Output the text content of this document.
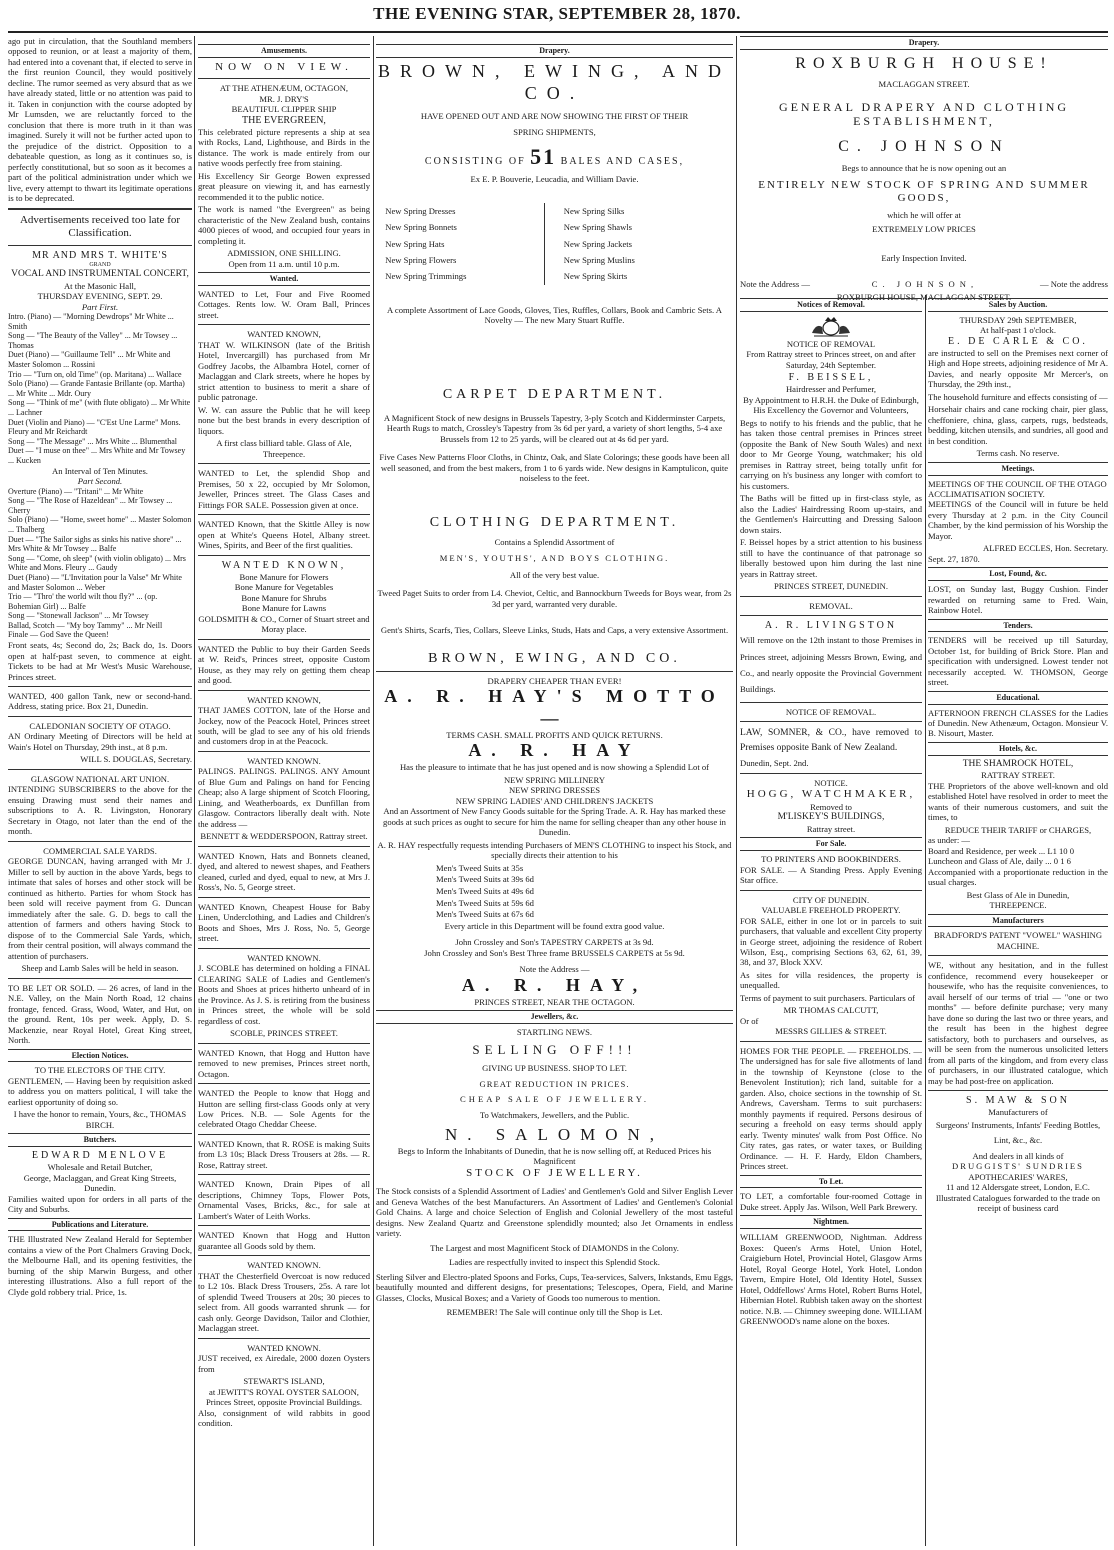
THE EVENING STAR, SEPTEMBER 28, 1870.

ago put in circulation, that the Southland members opposed to reunion, or at least a majority of them, had entered into a covenant that, if elected to serve in the first reunion Council, they would positively decline. The rumor seemed as very absurd that as we have already stated, little or no attention was paid to it. Taken in conjunction with the course adopted by Mr Lumsden, we are reluctantly forced to the conclusion that there is more truth in it than was imagined. Surely it will not be further acted upon to the prejudice of the district. Opposition to a debateable question, as long as it continues so, is perfectly constitutional, but so soon as it becomes a part of the political administration under which we live, every attempt to thwart its legitimate operations is to be deprecated.

Advertisements received too late for Classification.
MR AND MRS T. WHITE'S
GRAND
VOCAL AND INSTRUMENTAL CONCERT,
At the Masonic Hall,
THURSDAY EVENING, SEPT. 29.
Part First.
Intro. (Piano) — "Morning Dewdrops" Mr White ... Smith
Song — "The Beauty of the Valley" ... Mr Towsey ... Thomas
Duet (Piano) — "Guillaume Tell" ... Mr White and Master Solomon ... Rossini
Trio — "Turn on, old Time" (op. Maritana) ... Wallace
Solo (Piano) — Grande Fantasie Brillante (op. Martha) ... Mr White ... Mdr. Oury
Song — "Think of me" (with flute obligato) ... Mr White ... Lachner
Duet (Violin and Piano) — "C'Est Une Larme" Mons. Fleury and Mr Reichardt
Song — "The Message" ... Mrs White ... Blumenthal
Duet — "I muse on thee" ... Mrs White and Mr Towsey ... Kucken
An Interval of Ten Minutes.
Part Second.
Overture (Piano) — "Tritani" ... Mr White
Song — "The Rose of Hazeldean" ... Mr Towsey ... Cherry
Solo (Piano) — "Home, sweet home" ... Master Solomon ... Thalberg
Duet — "The Sailor sighs as sinks his native shore" ... Mrs White & Mr Towsey ... Balfe
Song — "Come, oh sleep" (with violin obligato) ... Mrs White and Mons. Fleury ... Gaudy
Duet (Piano) — "L'Invitation pour la Valse" Mr White and Master Solomon ... Weber
Trio — "Thro' the world wilt thou fly?" ... (op. Bohemian Girl) ... Balfe
Song — "Stonewall Jackson" ... Mr Towsey
Ballad, Scotch — "My boy Tammy" ... Mr Neill
Finale — God Save the Queen!

Front seats, 4s; Second do, 2s; Back do, 1s. Doors open at half-past seven, to commence at eight. Tickets to be had at Mr West's Music Warehouse, Princes street.

WANTED, 400 gallon Tank, new or second-hand. Address, stating price. Box 21, Dunedin.

CALEDONIAN SOCIETY OF OTAGO.

AN Ordinary Meeting of Directors will be held at Wain's Hotel on Thursday, 29th inst., at 8 p.m.

WILL S. DOUGLAS, Secretary.
GLASGOW NATIONAL ART UNION.

INTENDING SUBSCRIBERS to the above for the ensuing Drawing must send their names and subscriptions to A. R. Livingston, Honorary Secretary in Otago, not later than the end of the month.

COMMERCIAL SALE YARDS.

GEORGE DUNCAN, having arranged with Mr J. Miller to sell by auction in the above Yards, begs to intimate that sales of horses and other stock will be continued as hitherto. Parties for whom Stock has been sold will receive payment from G. Duncan immediately after the sale. G. D. begs to call the attention of farmers and others having Stock to dispose of to the Commercial Sale Yards, which, from their central position, will always command the attention of purchasers.

Sheep and Lamb Sales will be held in season.

TO BE LET OR SOLD. — 26 acres, of land in the N.E. Valley, on the Main North Road, 12 chains frontage, fenced. Grass, Wood, Water, and Hut, on the ground. Rent, 10s per week. Apply, D. S. Mackenzie, near Royal Hotel, Great King street, North.

Election Notices.
TO THE ELECTORS OF THE CITY.

GENTLEMEN, — Having been by requisition asked to address you on matters political, I will take the earliest opportunity of doing so.

I have the honor to remain, Yours, &c., THOMAS BIRCH.
Butchers.
EDWARD MENLOVE
Wholesale and Retail Butcher,
George, Maclaggan, and Great King Streets, Dunedin.

Families waited upon for orders in all parts of the City and Suburbs.

Publications and Literature.

THE Illustrated New Zealand Herald for September contains a view of the Port Chalmers Graving Dock, the Melbourne Hall, and its opening festivities, the burning of the ship Marwin Burgess, and other interesting illustrations. Also a full report of the Clyde gold robbery trial. Price, 1s.

Amusements.
NOW ON VIEW.
AT THE ATHENÆUM, OCTAGON,
MR. J. DRY'S
BEAUTIFUL CLIPPER SHIP
THE EVERGREEN,

This celebrated picture represents a ship at sea with Rocks, Land, Lighthouse, and Birds in the distance. The work is made entirely from our native woods perfectly free from staining.

His Excellency Sir George Bowen expressed great pleasure on viewing it, and has earnestly recommended it to the public notice.

The work is named "the Evergreen" as being characteristic of the New Zealand bush, contains 4000 pieces of wood, and occupied four years in completing it.

ADMISSION, ONE SHILLING.
Open from 11 a.m. until 10 p.m.
Wanted.

WANTED to Let, Four and Five Roomed Cottages. Rents low. W. Oram Ball, Princes street.

WANTED KNOWN,

THAT W. WILKINSON (late of the British Hotel, Invercargill) has purchased from Mr Godfrey Jacobs, the Albambra Hotel, corner of Maclaggan and Clark streets, where he hopes by strict attention to business to merit a share of public patronage.

W. W. can assure the Public that he will keep none but the best brands in every description of liquors.

A first class billiard table. Glass of Ale, Threepence.

WANTED to Let, the splendid Shop and Premises, 50 x 22, occupied by Mr Solomon, Jeweller, Princes street. The Glass Cases and Fittings FOR SALE. Possession given at once.

WANTED Known, that the Skittle Alley is now open at White's Queens Hotel, Albany street. Wines, Spirits, and Beer of the first qualities.

WANTED KNOWN,
Bone Manure for Flowers
Bone Manure for Vegetables
Bone Manure for Shrubs
Bone Manure for Lawns
GOLDSMITH & CO., Corner of Stuart street and Moray place.

WANTED the Public to buy their Garden Seeds at W. Reid's, Princes street, opposite Custom House, as they may rely on getting them cheap and good.

WANTED KNOWN,

THAT JAMES COTTON, late of the Horse and Jockey, now of the Peacock Hotel, Princes street south, will be glad to see any of his old friends and customers drop in at the Peacock.

WANTED KNOWN.

PALINGS. PALINGS. PALINGS. ANY Amount of Blue Gum and Palings on hand for Fencing Cheap; also A large shipment of Scotch Flooring, Lining, and Weatherboards, ex Dunfillan from Glasgow. Contractors liberally dealt with. Note the address —

BENNETT & WEDDERSPOON, Rattray street.

WANTED Known, Hats and Bonnets cleaned, dyed, and altered to newest shapes, and Feathers cleaned, curled and dyed, equal to new, at Mrs J. Ross's, No. 5, George street.

WANTED Known, Cheapest House for Baby Linen, Underclothing, and Ladies and Children's Boots and Shoes, Mrs J. Ross, No. 5, George street.

WANTED KNOWN.

J. SCOBLE has determined on holding a FINAL CLEARING SALE of Ladies and Gentlemen's Boots and Shoes at prices hitherto unheard of in the Province. As J. S. is retiring from the business in Princes street, the whole will be sold regardless of cost.

SCOBLE, PRINCES STREET.

WANTED Known, that Hogg and Hutton have removed to new premises, Princes street north, Octagon.

WANTED the People to know that Hogg and Hutton are selling first-class Goods only at very Low Prices. N.B. — Sole Agents for the celebrated Otago Cheddar Cheese.

WANTED Known, that R. ROSE is making Suits from L3 10s; Black Dress Trousers at 28s. — R. Rose, Rattray street.

WANTED Known, Drain Pipes of all descriptions, Chimney Tops, Flower Pots, Ornamental Vases, Bricks, &c., for sale at Lambert's Water of Leith Works.

WANTED Known that Hogg and Hutton guarantee all Goods sold by them.

WANTED KNOWN.

THAT the Chesterfield Overcoat is now reduced to L2 10s. Black Dress Trousers, 25s. A rare lot of splendid Tweed Trousers at 20s; 30 pieces to select from. All goods warranted shrunk — for cash only. George Davidson, Tailor and Clothier, Maclaggan street.

WANTED KNOWN.

JUST received, ex Airedale, 2000 dozen Oysters from

STEWART'S ISLAND,
at JEWITT'S ROYAL OYSTER SALOON, Princes Street, opposite Provincial Buildings.

Also, consignment of wild rabbits in good condition.

Drapery.
BROWN, EWING, AND CO.
HAVE OPENED OUT AND ARE NOW SHOWING THE FIRST OF THEIR
SPRING SHIPMENTS,
CONSISTING OF 51 BALES AND CASES,
Ex E. P. Bouverie, Leucadia, and William Davie.
New Spring Dresses
New Spring Bonnets
New Spring Hats
New Spring Flowers
New Spring Trimmings
New Spring Silks
New Spring Shawls
New Spring Jackets
New Spring Muslins
New Spring Skirts

A complete Assortment of Lace Goods, Gloves, Ties, Ruffles, Collars, Book and Cambric Sets. A Novelty — The new Mary Stuart Ruffle.

CARPET DEPARTMENT.

A Magnificent Stock of new designs in Brussels Tapestry, 3-ply Scotch and Kidderminster Carpets, Hearth Rugs to match, Crossley's Tapestry from 3s 6d per yard, a variety of short lengths, 5-4 axe Brussels from 12 to 25 yards, will be cleared out at 4s 6d per yard.

Five Cases New Patterns Floor Cloths, in Chintz, Oak, and Slate Colorings; these goods have been all well seasoned, and from the best makers, from 1 to 6 yards wide. New designs in Kamptulicon, quite noiseless to the feet.

CLOTHING DEPARTMENT.
Contains a Splendid Assortment of
MEN'S, YOUTHS', AND BOYS CLOTHING.
All of the very best value.

Tweed Paget Suits to order from L4. Cheviot, Celtic, and Bannockburn Tweeds for Boys wear, from 2s 3d per yard, warranted very durable.

Gent's Shirts, Scarfs, Ties, Collars, Sleeve Links, Studs, Hats and Caps, a very extensive Assortment.

BROWN, EWING, AND CO.
DRAPERY CHEAPER THAN EVER!
A. R. HAY'S MOTTO —
TERMS CASH. SMALL PROFITS AND QUICK RETURNS.
A. R. HAY

Has the pleasure to intimate that he has just opened and is now showing a Splendid Lot of

NEW SPRING MILLINERY
NEW SPRING DRESSES
NEW SPRING LADIES' AND CHILDREN'S JACKETS

And an Assortment of New Fancy Goods suitable for the Spring Trade. A. R. Hay has marked these goods at such prices as ought to secure for him the name for selling cheaper than any other house in Dunedin.

A. R. HAY respectfully requests intending Purchasers of MEN'S CLOTHING to inspect his Stock, and specially directs their attention to his

Men's Tweed Suits at 35s
Men's Tweed Suits at 39s 6d
Men's Tweed Suits at 49s 6d
Men's Tweed Suits at 59s 6d
Men's Tweed Suits at 67s 6d
Every article in this Department will be found extra good value.
John Crossley and Son's TAPESTRY CARPETS at 3s 9d.
John Crossley and Son's Best Three frame BRUSSELS CARPETS at 5s 9d.
Note the Address —
A. R. HAY,
PRINCES STREET, NEAR THE OCTAGON.
Jewellers, &c.
STARTLING NEWS.
SELLING OFF!!!
GIVING UP BUSINESS. SHOP TO LET.
GREAT REDUCTION IN PRICES.
CHEAP SALE OF JEWELLERY.
To Watchmakers, Jewellers, and the Public.
N. SALOMON,
Begs to Inform the Inhabitants of Dunedin, that he is now selling off, at Reduced Prices his Magnificent
STOCK OF JEWELLERY.

The Stock consists of a Splendid Assortment of Ladies' and Gentlemen's Gold and Silver English Lever and Geneva Watches of the best Manufacturers. An Assortment of Ladies' and Gentlemen's Colonial Gold Chains. A large and choice Selection of English and Colonial Jewellery of the most tasteful designs. New Zealand Quartz and Greenstone splendidly mounted; also Jet Ornaments in endless variety.

The Largest and most Magnificent Stock of DIAMONDS in the Colony.
Ladies are respectfully invited to inspect this Splendid Stock.

Sterling Silver and Electro-plated Spoons and Forks, Cups, Tea-services, Salvers, Inkstands, Emu Eggs, beautifully mounted and different designs, for presentations; Telescopes, Opera, Field, and Marine Glasses, Clocks, Musical Boxes; and a Variety of Goods too numerous to mention.

REMEMBER! The Sale will continue only till the Shop is Let.
Drapery.
ROXBURGH HOUSE!
MACLAGGAN STREET.
GENERAL DRAPERY AND CLOTHING ESTABLISHMENT,
C. JOHNSON
Begs to announce that he is now opening out an
ENTIRELY NEW STOCK OF SPRING AND SUMMER GOODS,
which he will offer at
EXTREMELY LOW PRICES
Early Inspection Invited.
Note the Address —	C. JOHNSON,	— Note the address
ROXBURGH HOUSE, MACLAGGAN STREET.
Notices of Removal.
NOTICE OF REMOVAL

From Rattray street to Princes street, on and after Saturday, 24th September.

F. BEISSEL,
Hairdresser and Perfumer,

By Appointment to H.R.H. the Duke of Edinburgh, His Excellency the Governor and Volunteers,

Begs to notify to his friends and the public, that he has taken those central premises in Princes street (opposite the Bank of New South Wales) and next door to Mr George Young, watchmaker; his old premises in Rattray street, being totally unfit for carrying on h's business any longer with comfort to his customers.

The Baths will be fitted up in first-class style, as also the Ladies' Hairdressing Room up-stairs, and the Gentlemen's Haircutting and Dressing Saloon down stairs.

F. Beissel hopes by a strict attention to his business still to have the continuance of that patronage so liberally bestowed upon him during the last nine years in Rattray street.

PRINCES STREET, DUNEDIN.
REMOVAL.
A. R. LIVINGSTON

Will remove on the 12th instant to those Premises in Princes street, adjoining Messrs Brown, Ewing, and Co., and nearly opposite the Provincial Government Buildings.

NOTICE OF REMOVAL.

LAW, SOMNER, & CO., have removed to Premises opposite Bank of New Zealand.

Dunedin, Sept. 2nd.
NOTICE.
HOGG, WATCHMAKER,
Removed to
M'LISKEY'S BUILDINGS,
Rattray street.
For Sale.
TO PRINTERS AND BOOKBINDERS.

FOR SALE. — A Standing Press. Apply Evening Star office.

CITY OF DUNEDIN.
VALUABLE FREEHOLD PROPERTY.

FOR SALE, either in one lot or in parcels to suit purchasers, that valuable and excellent City property in George street, adjoining the residence of Robert Wilson, Esq., comprising Sections 63, 62, 61, 39, 38, and 37, Block XXV.

As sites for villa residences, the property is unequalled.

Terms of payment to suit purchasers. Particulars of

MR THOMAS CALCUTT,
Or of
MESSRS GILLIES & STREET.

HOMES FOR THE PEOPLE. — FREEHOLDS. — The undersigned has for sale five allotments of land in the township of Keynstone (close to the Benevolent Institution); rich land, suitable for a garden. Also, choice sections in the township of St. Andrews, Caversham. Terms to suit purchasers: monthly payments if required. Persons desirous of securing a freehold on easy terms should apply early. Twenty minutes' walk from Post Office. No City rates, gas rates, or water taxes, or Building Ordinance. — H. F. Hardy, Eldon Chambers, Princes street.

To Let.

TO LET, a comfortable four-roomed Cottage in Duke street. Apply Jas. Wilson, Well Park Brewery.

Nightmen.

WILLIAM GREENWOOD, Nightman. Address Boxes: Queen's Arms Hotel, Union Hotel, Craigieburn Hotel, Provincial Hotel, Glasgow Arms Hotel, Royal George Hotel, York Hotel, London Tavern, Empire Hotel, Old Identity Hotel, Sussex Hotel, Oddfellows' Arms Hotel, Robert Burns Hotel, Hibernian Hotel. Rubbish taken away on the shortest notice. N.B. — Chimney sweeping done. WILLIAM GREENWOOD's name alone on the boxes.

Sales by Auction.
THURSDAY 29th SEPTEMBER,
At half-past 1 o'clock.
E. DE CARLE & CO.

are instructed to sell on the Premises next corner of High and Hope streets, adjoining residence of Mr A. Davies, and nearly opposite Mr Mercer's, on Thursday, the 29th inst.,

The household furniture and effects consisting of —

Horsehair chairs and cane rocking chair, pier glass, cheffoniere, china, glass, carpets, rugs, bedsteads, bedding, kitchen utensils, and sundries, all good and in best condition.

Terms cash. No reserve.
Meetings.
MEETINGS OF THE COUNCIL OF THE OTAGO ACCLIMATISATION SOCIETY.

MEETINGS of the Council will in future be held every Thursday at 2 p.m. in the City Council Chamber, by the kind permission of his Worship the Mayor.

ALFRED ECCLES, Hon. Secretary.
Sept. 27, 1870.
Lost, Found, &c.

LOST, on Sunday last, Buggy Cushion. Finder rewarded on returning same to Fred. Wain, Rainbow Hotel.

Tenders.

TENDERS will be received up till Saturday, October 1st, for building of Brick Store. Plan and specification with undersigned. Lowest tender not necessarily accepted. W. THOMSON, George street.

Educational.

AFTERNOON FRENCH CLASSES for the Ladies of Dunedin. New Athenæum, Octagon. Monsieur V. B. Nisourt, Master.

Hotels, &c.
THE SHAMROCK HOTEL,
RATTRAY STREET.

THE Proprietors of the above well-known and old established Hotel have resolved in order to meet the wants of their numerous customers, and suit the times, to

REDUCE THEIR TARIFF or CHARGES,
as under: —
Board and Residence, per week ... L1 10 0
Luncheon and Glass of Ale, daily ... 0 1 6

Accompanied with a proportionate reduction in the usual charges.

Best Glass of Ale in Dunedin,
THREEPENCE.
Manufacturers
BRADFORD'S PATENT "VOWEL" WASHING MACHINE.

WE, without any hesitation, and in the fullest confidence, recommend every housekeeper or housewife, who has the requisite conveniences, to avail herself of our terms of trial — "one or two months" — before definite purchase; very many have done so during the last two or three years, and the result has been in the highest degree satisfactory, both to purchasers and ourselves, as will be seen from the numerous unsolicited letters from all parts of the kingdom, and from every class of purchasers, in our illustrated catalogue, which may be had post-free on application.

S. MAW & SON
Manufacturers of

Surgeons' Instruments, Infants' Feeding Bottles, Lint, &c., &c.

And dealers in all kinds of
DRUGGISTS' SUNDRIES
APOTHECARIES' WARES,
11 and 12 Aldersgate street, London, E.C.

Illustrated Catalogues forwarded to the trade on receipt of business card
